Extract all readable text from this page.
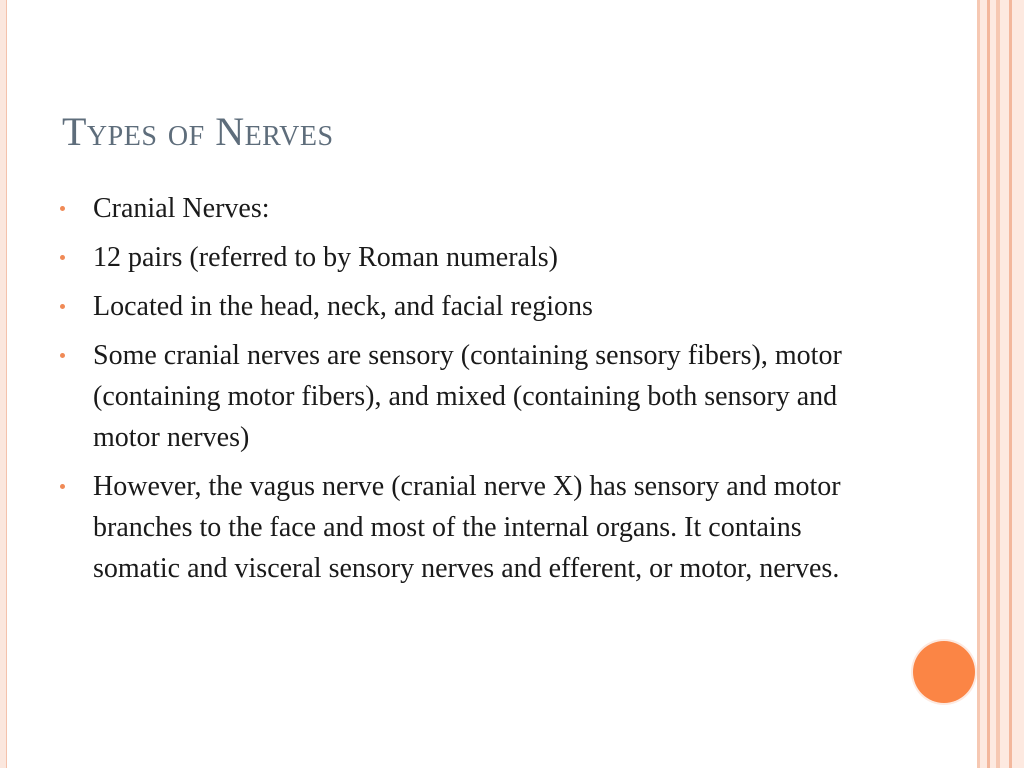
Types of Nerves
Cranial Nerves:
12 pairs (referred to by Roman numerals)
Located in the head, neck, and facial regions
Some cranial nerves are sensory (containing sensory fibers), motor (containing motor fibers), and mixed (containing both sensory and motor nerves)
However, the vagus nerve (cranial nerve X) has sensory and motor branches to the face and most of the internal organs. It contains somatic and visceral sensory nerves and efferent, or motor, nerves.
